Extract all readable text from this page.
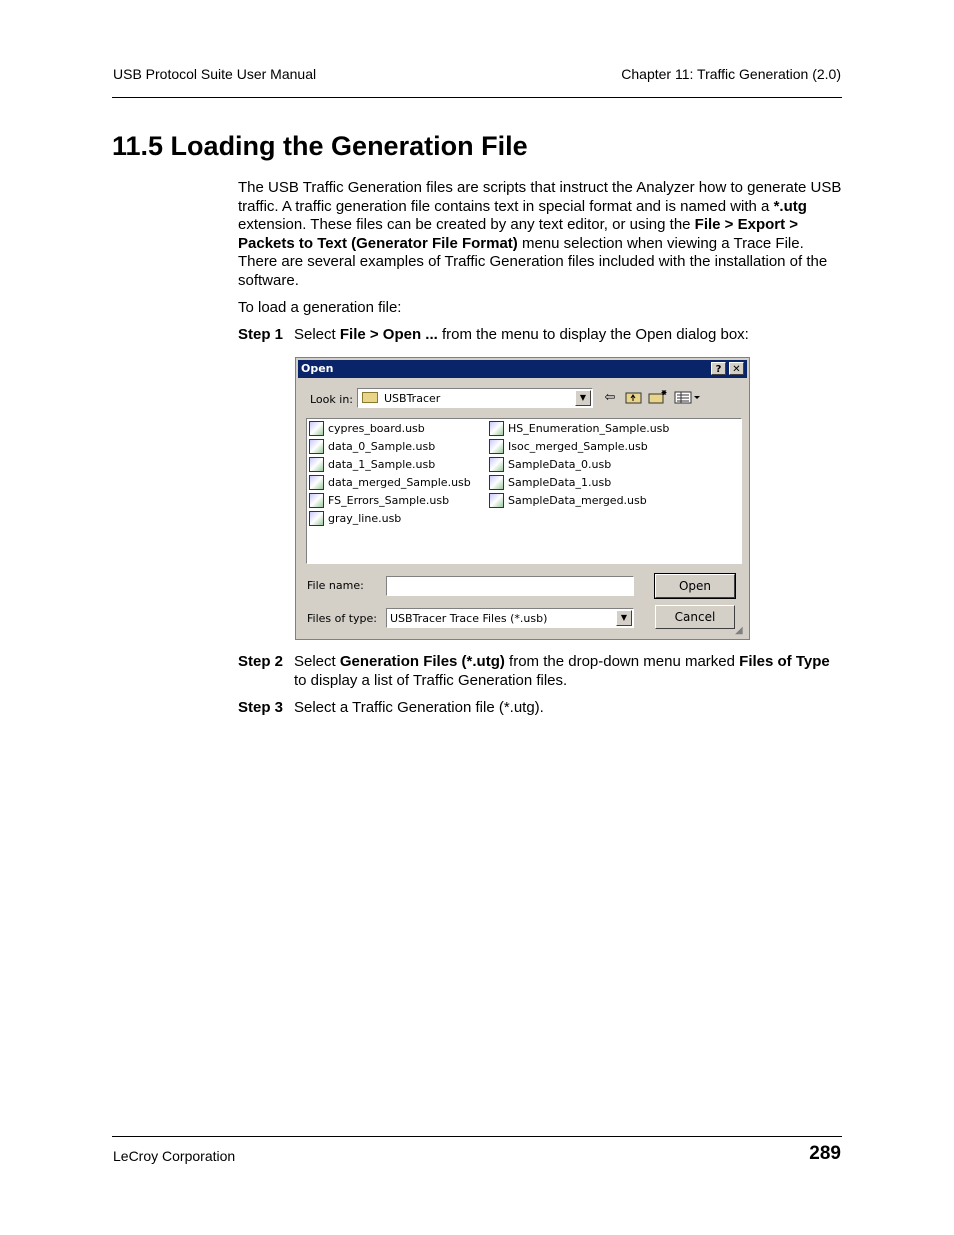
USB Protocol Suite User Manual	Chapter 11: Traffic Generation (2.0)
11.5 Loading the Generation File

The USB Traffic Generation files are scripts that instruct the Analyzer how to generate USB traffic. A traffic generation file contains text in special format and is named with a *.utg extension. These files can be created by any text editor, or using the File > Export > Packets to Text (Generator File Format) menu selection when viewing a Trace File. There are several examples of Traffic Generation files included with the installation of the software.

To load a generation file:

Step 1 Select File > Open ... from the menu to display the Open dialog box:
Open	?	✕
Look in:	USBTracer	▼	⇦
cypres_board.usb
data_0_Sample.usb
data_1_Sample.usb
data_merged_Sample.usb
FS_Errors_Sample.usb
gray_line.usb
HS_Enumeration_Sample.usb
Isoc_merged_Sample.usb
SampleData_0.usb
SampleData_1.usb
SampleData_merged.usb
File name:
Files of type: USBTracer Trace Files (*.usb)	▼
Open
Cancel
◢
Step 2 Select Generation Files (*.utg) from the drop-down menu marked Files of Type to display a list of Traffic Generation files.
Step 3 Select a Traffic Generation file (*.utg).
LeCroy Corporation	289
